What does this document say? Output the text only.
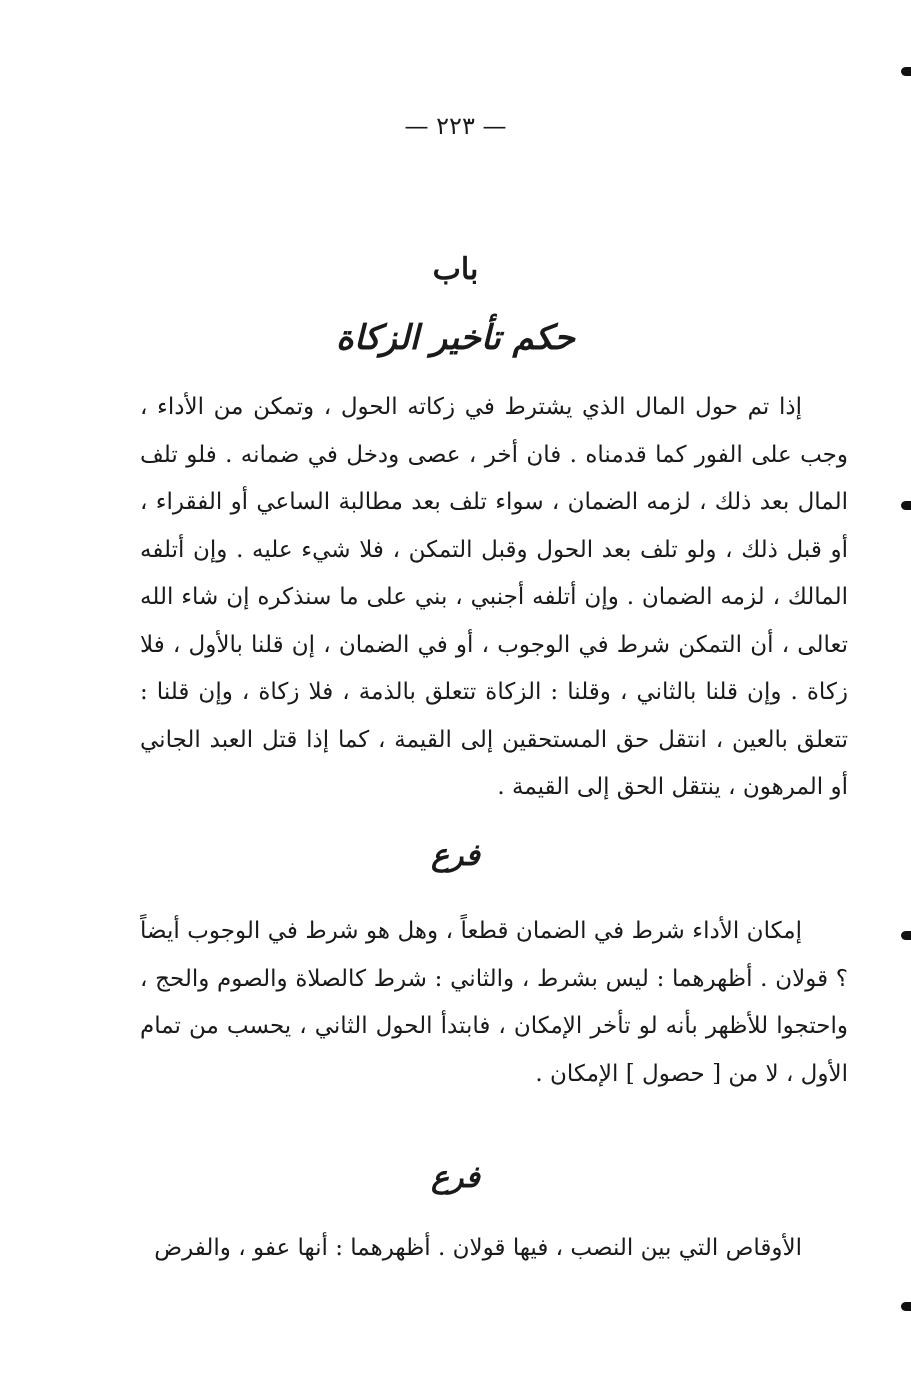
— ٢٢٣ —
باب
حكم تأخير الزكاة

إذا تم حول المال الذي يشترط في زكاته الحول ، وتمكن من الأداء ، وجب على الفور كما قدمناه . فان أخر ، عصى ودخل في ضمانه . فلو تلف المال بعد ذلك ، لزمه الضمان ، سواء تلف بعد مطالبة الساعي أو الفقراء ، أو قبل ذلك ، ولو تلف بعد الحول وقبل التمكن ، فلا شيء عليه . وإن أتلفه المالك ، لزمه الضمان . وإن أتلفه أجنبي ، بني على ما سنذكره إن شاء الله تعالى ، أن التمكن شرط في الوجوب ، أو في الضمان ، إن قلنا بالأول ، فلا زكاة . وإن قلنا بالثاني ، وقلنا : الزكاة تتعلق بالذمة ، فلا زكاة ، وإن قلنا : تتعلق بالعين ، انتقل حق المستحقين إلى القيمة ، كما إذا قتل العبد الجاني أو المرهون ، ينتقل الحق إلى القيمة .

فرع

إمكان الأداء شرط في الضمان قطعاً ، وهل هو شرط في الوجوب أيضاً ؟ قولان . أظهرهما : ليس بشرط ، والثاني : شرط كالصلاة والصوم والحج ، واحتجوا للأظهر بأنه لو تأخر الإمكان ، فابتدأ الحول الثاني ، يحسب من تمام الأول ، لا من [ حصول ] الإمكان .

فرع

الأوقاص التي بين النصب ، فيها قولان . أظهرهما : أنها عفو ، والفرض
